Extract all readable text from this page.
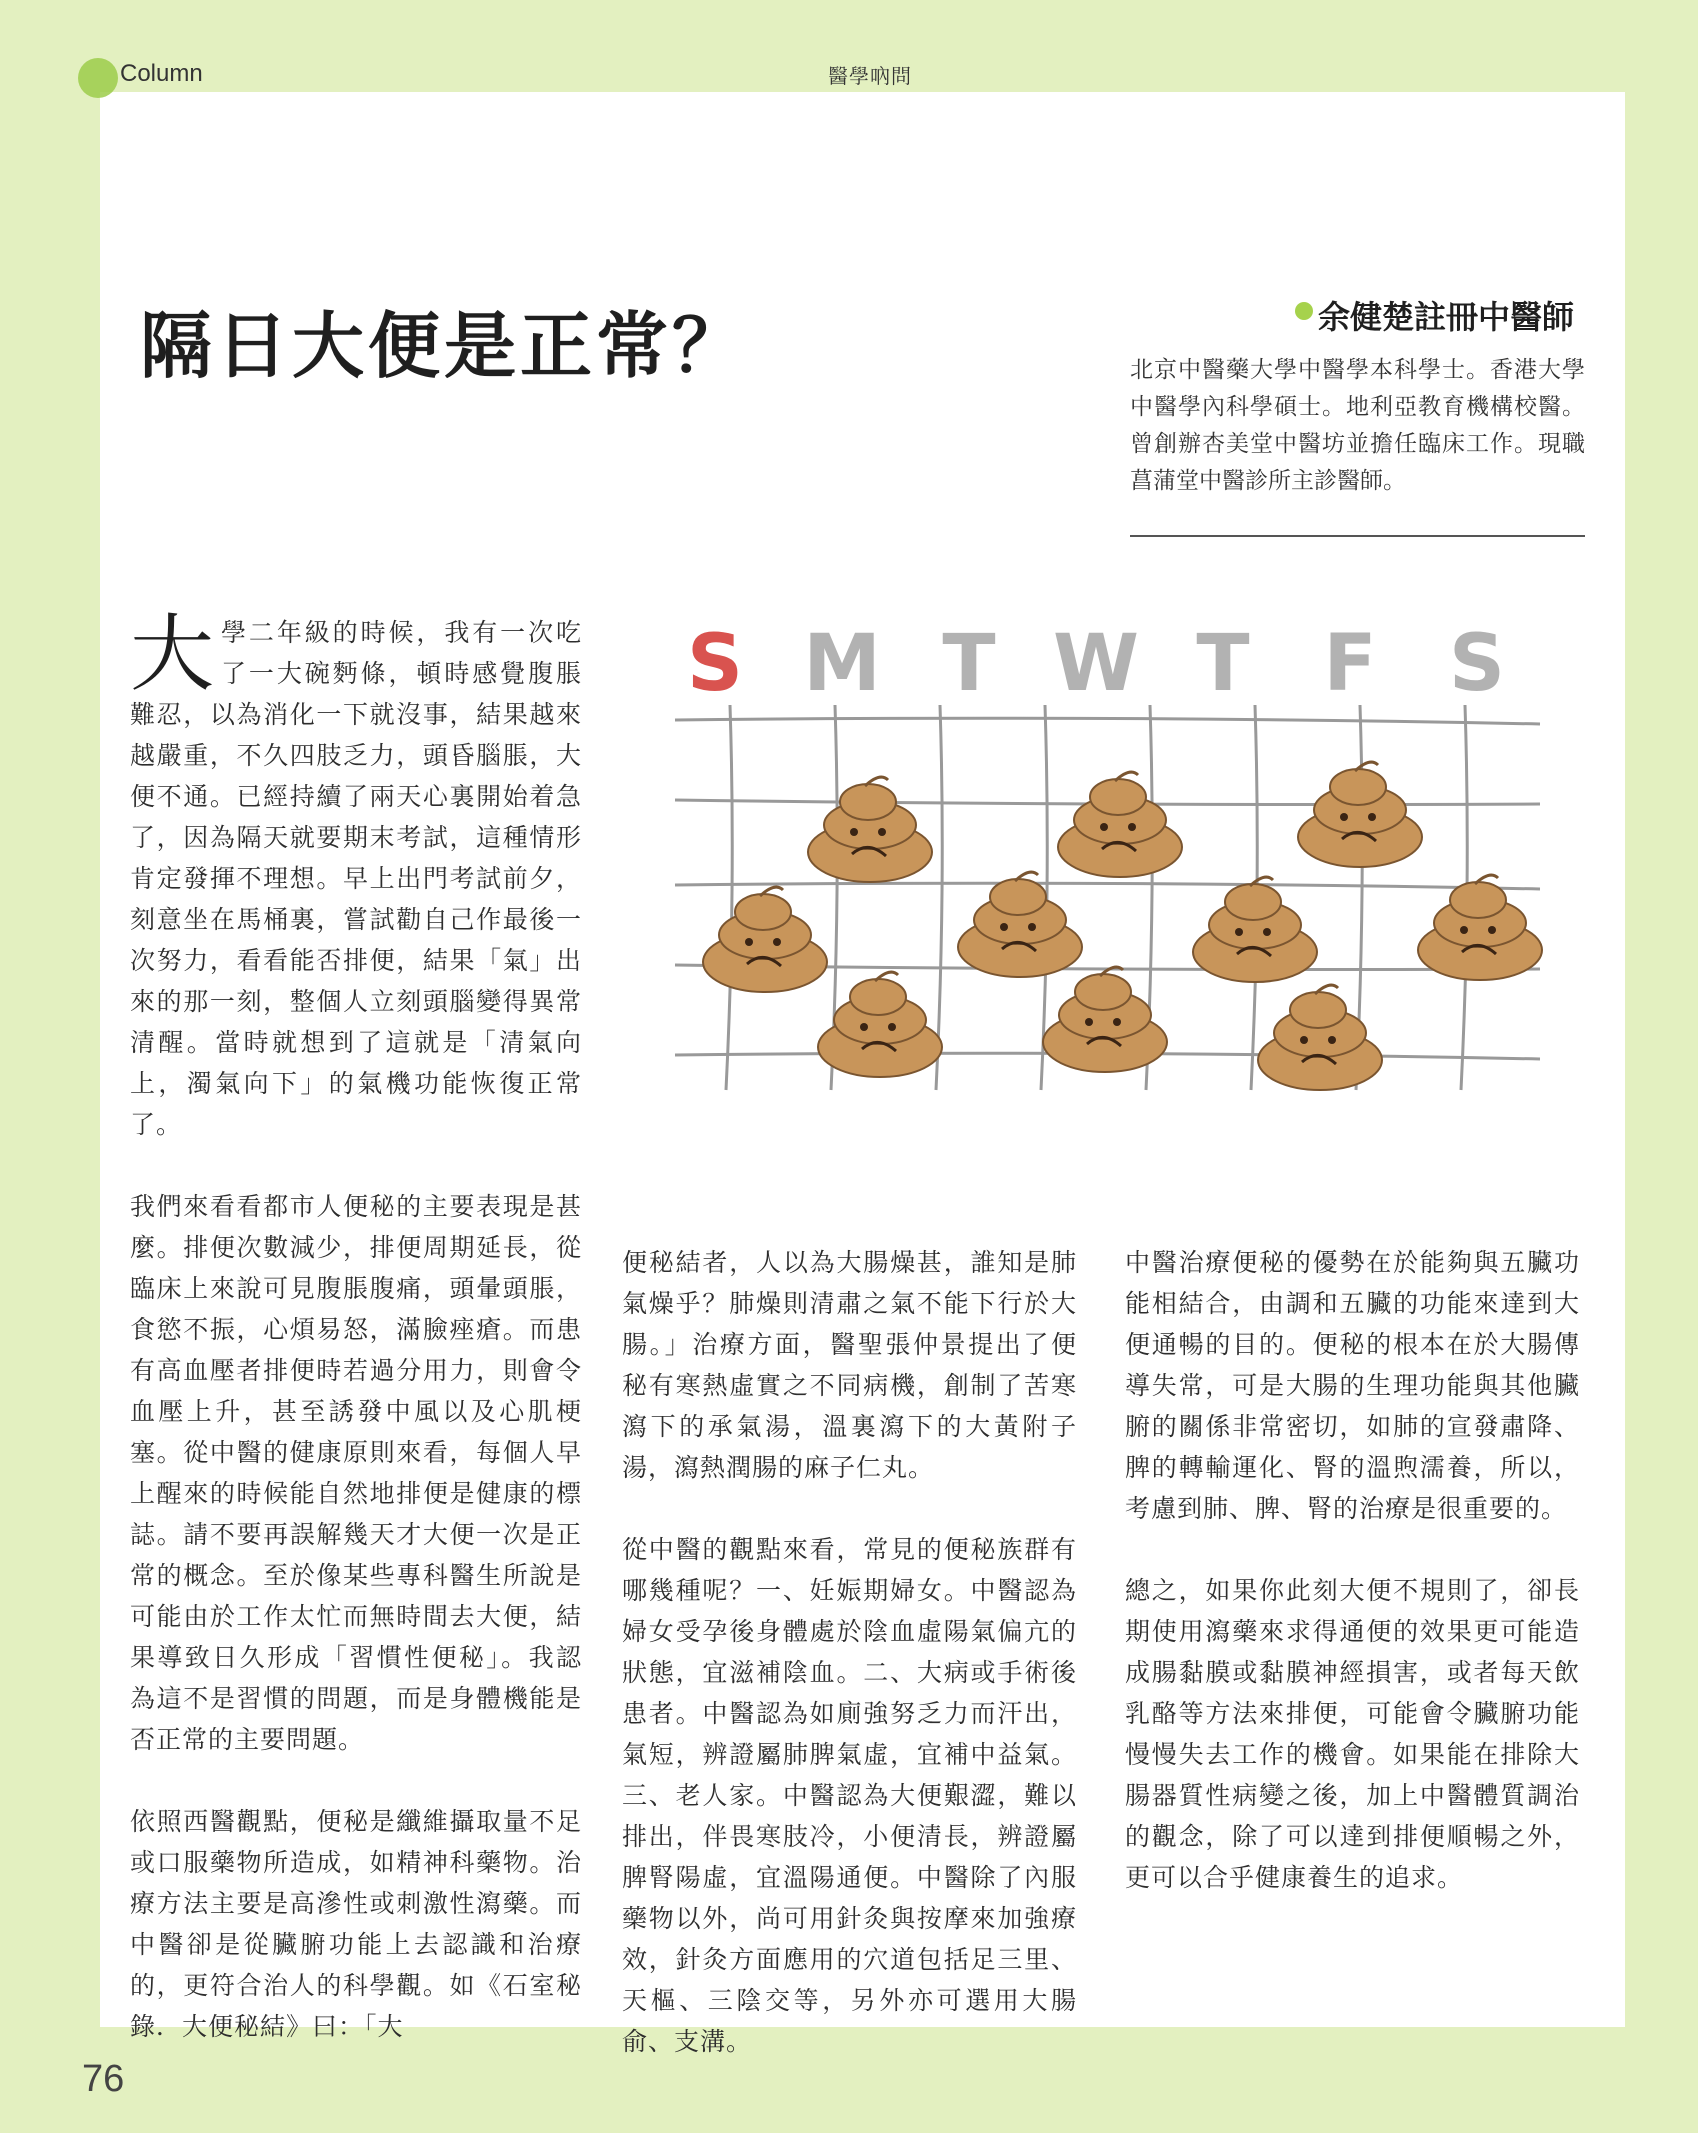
Column	醫學吶問
隔日大便是正常？	余健楚註冊中醫師
北京中醫藥大學中醫學本科學士。香港大學中醫學內科學碩士。地利亞教育機構校醫。曾創辦杏美堂中醫坊並擔任臨床工作。現職菖蒲堂中醫診所主診醫師。
S M T W T F S

大學二年級的時候，我有一次吃了一大碗麪條，頓時感覺腹脹難忍，以為消化一下就沒事，結果越來越嚴重，不久四肢乏力，頭昏腦脹，大便不通。已經持續了兩天心裏開始着急了，因為隔天就要期末考試，這種情形肯定發揮不理想。早上出門考試前夕，刻意坐在馬桶裏，嘗試勸自己作最後一次努力，看看能否排便，結果「氣」出來的那一刻，整個人立刻頭腦變得異常清醒。當時就想到了這就是「清氣向上，濁氣向下」的氣機功能恢復正常了。

我們來看看都市人便秘的主要表現是甚麼。排便次數減少，排便周期延長，從臨床上來說可見腹脹腹痛，頭暈頭脹，食慾不振，心煩易怒，滿臉痤瘡。而患有高血壓者排便時若過分用力，則會令血壓上升，甚至誘發中風以及心肌梗塞。從中醫的健康原則來看，每個人早上醒來的時候能自然地排便是健康的標誌。請不要再誤解幾天才大便一次是正常的概念。至於像某些專科醫生所說是可能由於工作太忙而無時間去大便，結果導致日久形成「習慣性便秘」。我認為這不是習慣的問題，而是身體機能是否正常的主要問題。

依照西醫觀點，便秘是纖維攝取量不足或口服藥物所造成，如精神科藥物。治療方法主要是高滲性或刺激性瀉藥。而中醫卻是從臟腑功能上去認識和治療的，更符合治人的科學觀。如《石室秘錄．大便秘結》曰：「大

便秘結者，人以為大腸燥甚，誰知是肺氣燥乎？肺燥則清肅之氣不能下行於大腸。」治療方面，醫聖張仲景提出了便秘有寒熱虛實之不同病機，創制了苦寒瀉下的承氣湯，溫裏瀉下的大黃附子湯，瀉熱潤腸的麻子仁丸。

從中醫的觀點來看，常見的便秘族群有哪幾種呢？一、妊娠期婦女。中醫認為婦女受孕後身體處於陰血虛陽氣偏亢的狀態，宜滋補陰血。二、大病或手術後患者。中醫認為如廁強努乏力而汗出，氣短，辨證屬肺脾氣虛，宜補中益氣。三、老人家。中醫認為大便艱澀，難以排出，伴畏寒肢冷，小便清長，辨證屬脾腎陽虛，宜溫陽通便。中醫除了內服藥物以外，尚可用針灸與按摩來加強療效，針灸方面應用的穴道包括足三里、天樞、三陰交等，另外亦可選用大腸俞、支溝。

中醫治療便秘的優勢在於能夠與五臟功能相結合，由調和五臟的功能來達到大便通暢的目的。便秘的根本在於大腸傳導失常，可是大腸的生理功能與其他臟腑的關係非常密切，如肺的宣發肅降、脾的轉輸運化、腎的溫煦濡養，所以，考慮到肺、脾、腎的治療是很重要的。

總之，如果你此刻大便不規則了，卻長期使用瀉藥來求得通便的效果更可能造成腸黏膜或黏膜神經損害，或者每天飲乳酪等方法來排便，可能會令臟腑功能慢慢失去工作的機會。如果能在排除大腸器質性病變之後，加上中醫體質調治的觀念，除了可以達到排便順暢之外，更可以合乎健康養生的追求。

76
